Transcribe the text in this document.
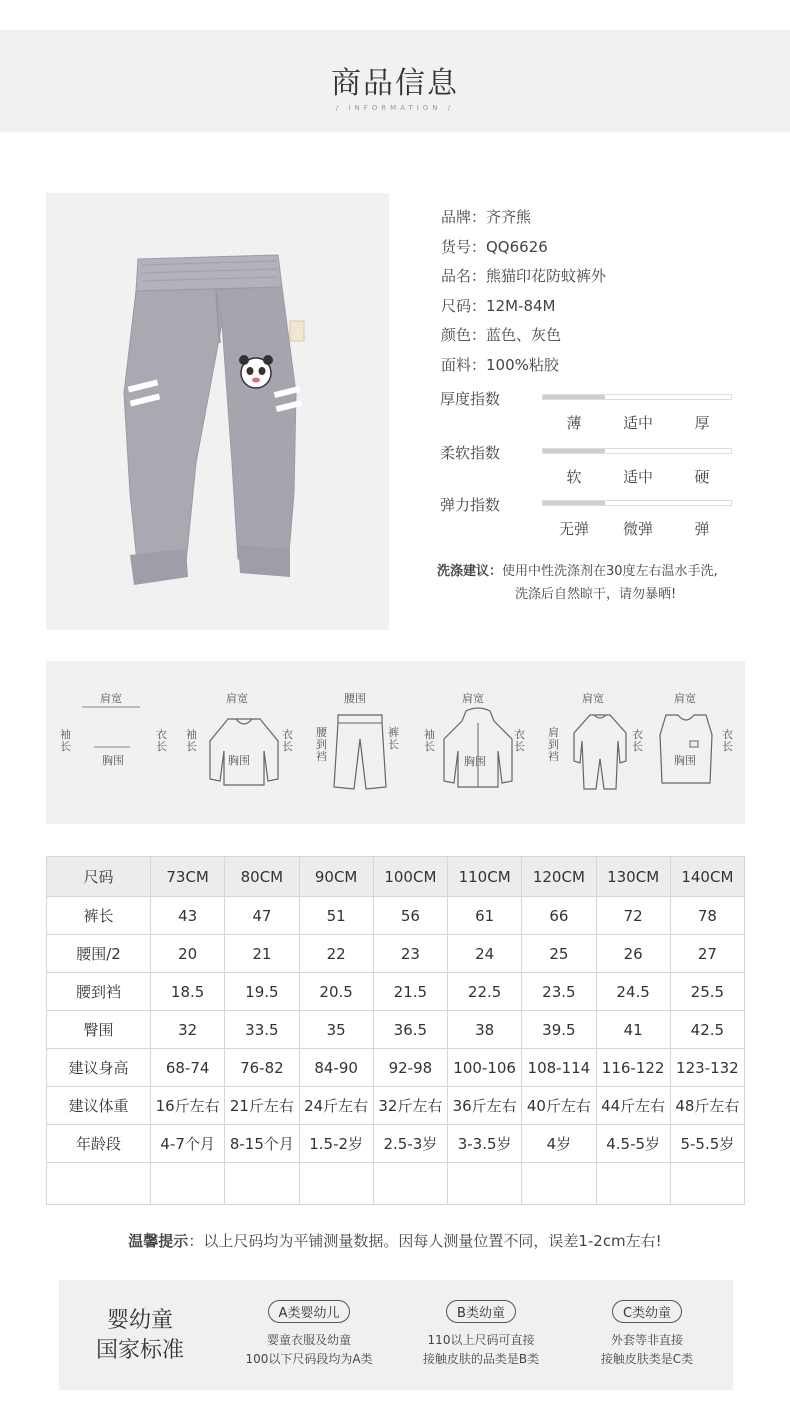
商品信息
/ INFORMATION /
品牌：齐齐熊
货号：QQ6626
品名：熊猫印花防蚊裤外
尺码：12M-84M
颜色：蓝色、灰色
面料：100%粘胶
厚度指数
薄	适中	厚
柔软指数
软	适中	硬
弹力指数
无弹	微弹	弹
洗涤建议：使用中性洗涤剂在30度左右温水手洗,
洗涤后自然晾干，请勿暴晒!
肩宽
袖长
胸围
衣长
肩宽
袖长
胸围
衣长
腰围
腰到裆
裤长
肩宽
袖长
胸围
衣长
肩宽
肩到裆
衣长
肩宽
胸围
衣长
尺码	73CM	80CM	90CM	100CM	110CM	120CM	130CM	140CM
裤长	43	47	51	56	61	66	72	78
腰围/2	20	21	22	23	24	25	26	27
腰到裆	18.5	19.5	20.5	21.5	22.5	23.5	24.5	25.5
臀围	32	33.5	35	36.5	38	39.5	41	42.5
建议身高	68-74	76-82	84-90	92-98	100-106	108-114	116-122	123-132
建议体重	16斤左右	21斤左右	24斤左右	32斤左右	36斤左右	40斤左右	44斤左右	48斤左右
年龄段	4-7个月	8-15个月	1.5-2岁	2.5-3岁	3-3.5岁	4岁	4.5-5岁	5-5.5岁

温馨提示：以上尺码均为平铺测量数据。因每人测量位置不同，误差1-2cm左右!
婴幼童
国家标准
A类婴幼儿
婴童衣服及幼童
100以下尺码段均为A类
B类幼童
110以上尺码可直接
接触皮肤的品类是B类
C类幼童
外套等非直接
接触皮肤类是C类
